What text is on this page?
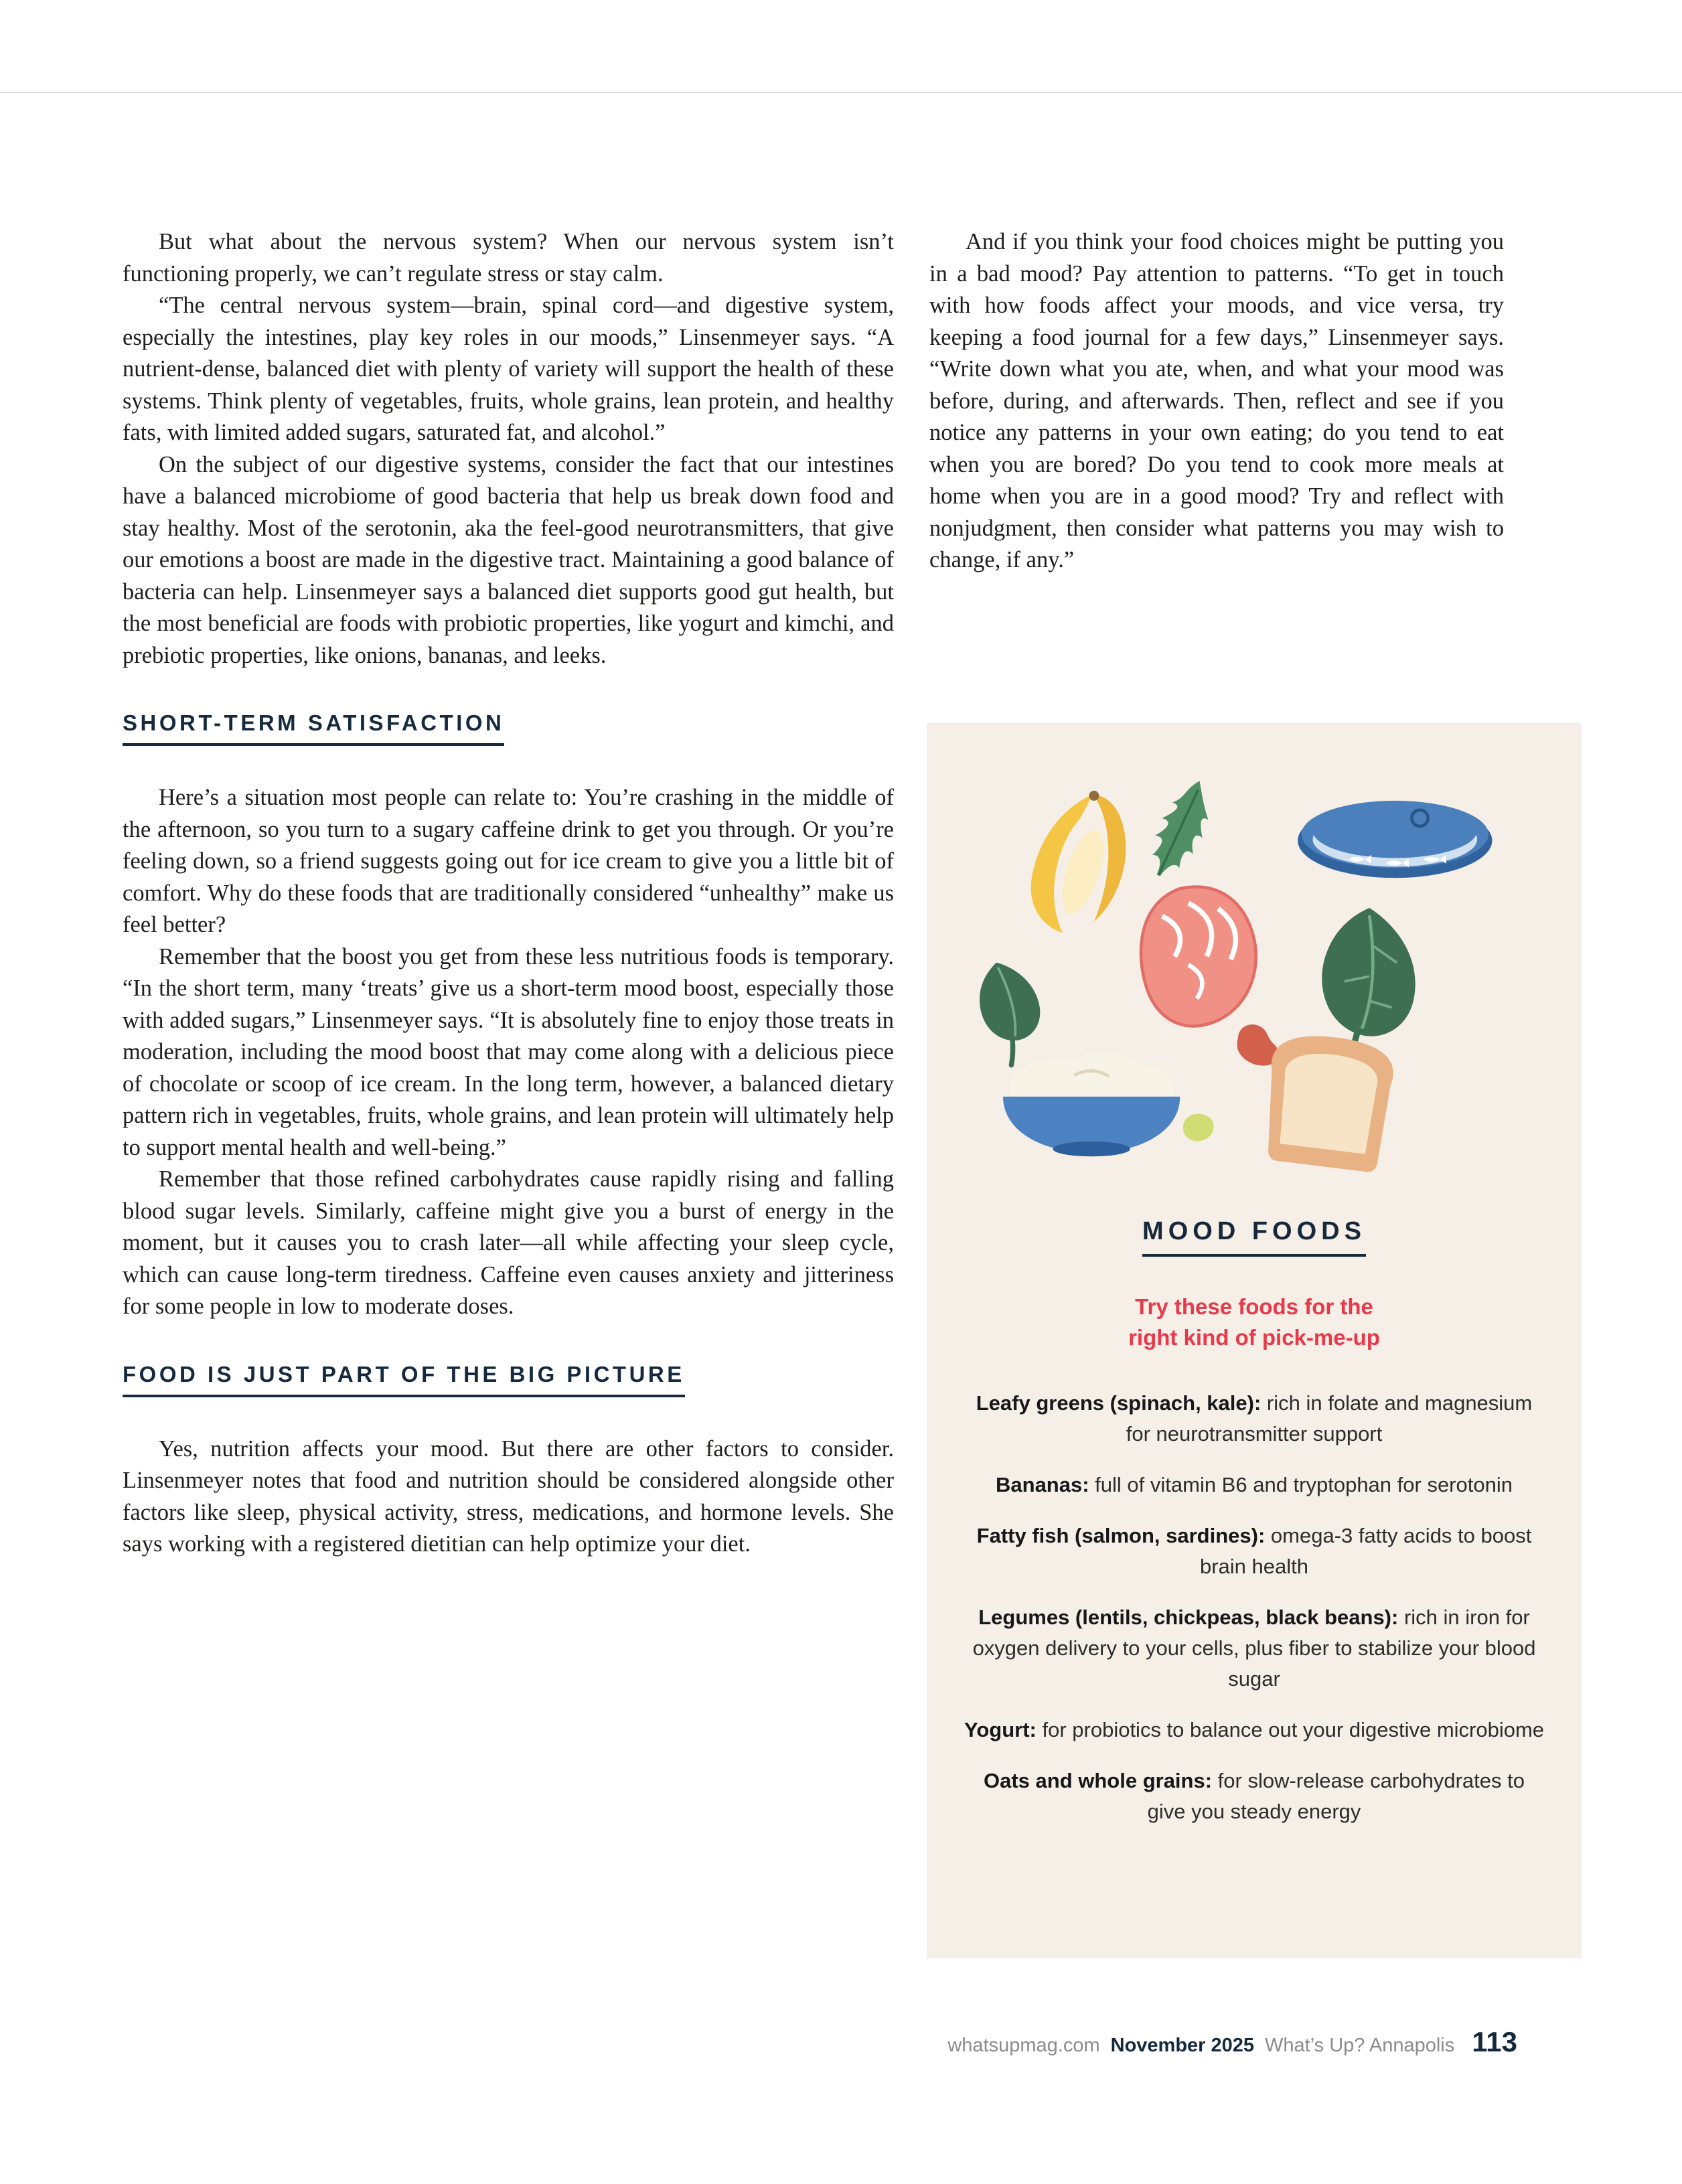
But what about the nervous system? When our nervous system isn’t functioning properly, we can’t regulate stress or stay calm.

“The central nervous system—brain, spinal cord—and digestive system, especially the intestines, play key roles in our moods,” Linsenmeyer says. “A nutrient-dense, balanced diet with plenty of variety will support the health of these systems. Think plenty of vegetables, fruits, whole grains, lean protein, and healthy fats, with limited added sugars, saturated fat, and alcohol.”

On the subject of our digestive systems, consider the fact that our intestines have a balanced microbiome of good bacteria that help us break down food and stay healthy. Most of the serotonin, aka the feel-good neurotransmitters, that give our emotions a boost are made in the digestive tract. Maintaining a good balance of bacteria can help. Linsenmeyer says a balanced diet supports good gut health, but the most beneficial are foods with probiotic properties, like yogurt and kimchi, and prebiotic properties, like onions, bananas, and leeks.

SHORT-TERM SATISFACTION

Here’s a situation most people can relate to: You’re crashing in the middle of the afternoon, so you turn to a sugary caffeine drink to get you through. Or you’re feeling down, so a friend suggests going out for ice cream to give you a little bit of comfort. Why do these foods that are traditionally considered “unhealthy” make us feel better?

Remember that the boost you get from these less nutritious foods is temporary. “In the short term, many ‘treats’ give us a short-term mood boost, especially those with added sugars,” Linsenmeyer says. “It is absolutely fine to enjoy those treats in moderation, including the mood boost that may come along with a delicious piece of chocolate or scoop of ice cream. In the long term, however, a balanced dietary pattern rich in vegetables, fruits, whole grains, and lean protein will ultimately help to support mental health and well-being.”

Remember that those refined carbohydrates cause rapidly rising and falling blood sugar levels. Similarly, caffeine might give you a burst of energy in the moment, but it causes you to crash later—all while affecting your sleep cycle, which can cause long-term tiredness. Caffeine even causes anxiety and jitteriness for some people in low to moderate doses.

FOOD IS JUST PART OF THE BIG PICTURE

Yes, nutrition affects your mood. But there are other factors to consider. Linsenmeyer notes that food and nutrition should be considered alongside other factors like sleep, physical activity, stress, medications, and hormone levels. She says working with a registered dietitian can help optimize your diet.

And if you think your food choices might be putting you in a bad mood? Pay attention to patterns. “To get in touch with how foods affect your moods, and vice versa, try keeping a food journal for a few days,” Linsenmeyer says. “Write down what you ate, when, and what your mood was before, during, and afterwards. Then, reflect and see if you notice any patterns in your own eating; do you tend to eat when you are bored? Do you tend to cook more meals at home when you are in a good mood? Try and reflect with nonjudgment, then consider what patterns you may wish to change, if any.”

MOOD FOODS
Try these foods for the
right kind of pick-me-up
Leafy greens (spinach, kale): rich in folate and magnesium for neurotransmitter support
Bananas: full of vitamin B6 and tryptophan for serotonin
Fatty fish (salmon, sardines): omega-3 fatty acids to boost brain health
Legumes (lentils, chickpeas, black beans): rich in iron for oxygen delivery to your cells, plus fiber to stabilize your blood sugar
Yogurt: for probiotics to balance out your digestive microbiome
Oats and whole grains: for slow-release carbohydrates to give you steady energy
whatsupmag.com November 2025 What’s Up? Annapolis 113
